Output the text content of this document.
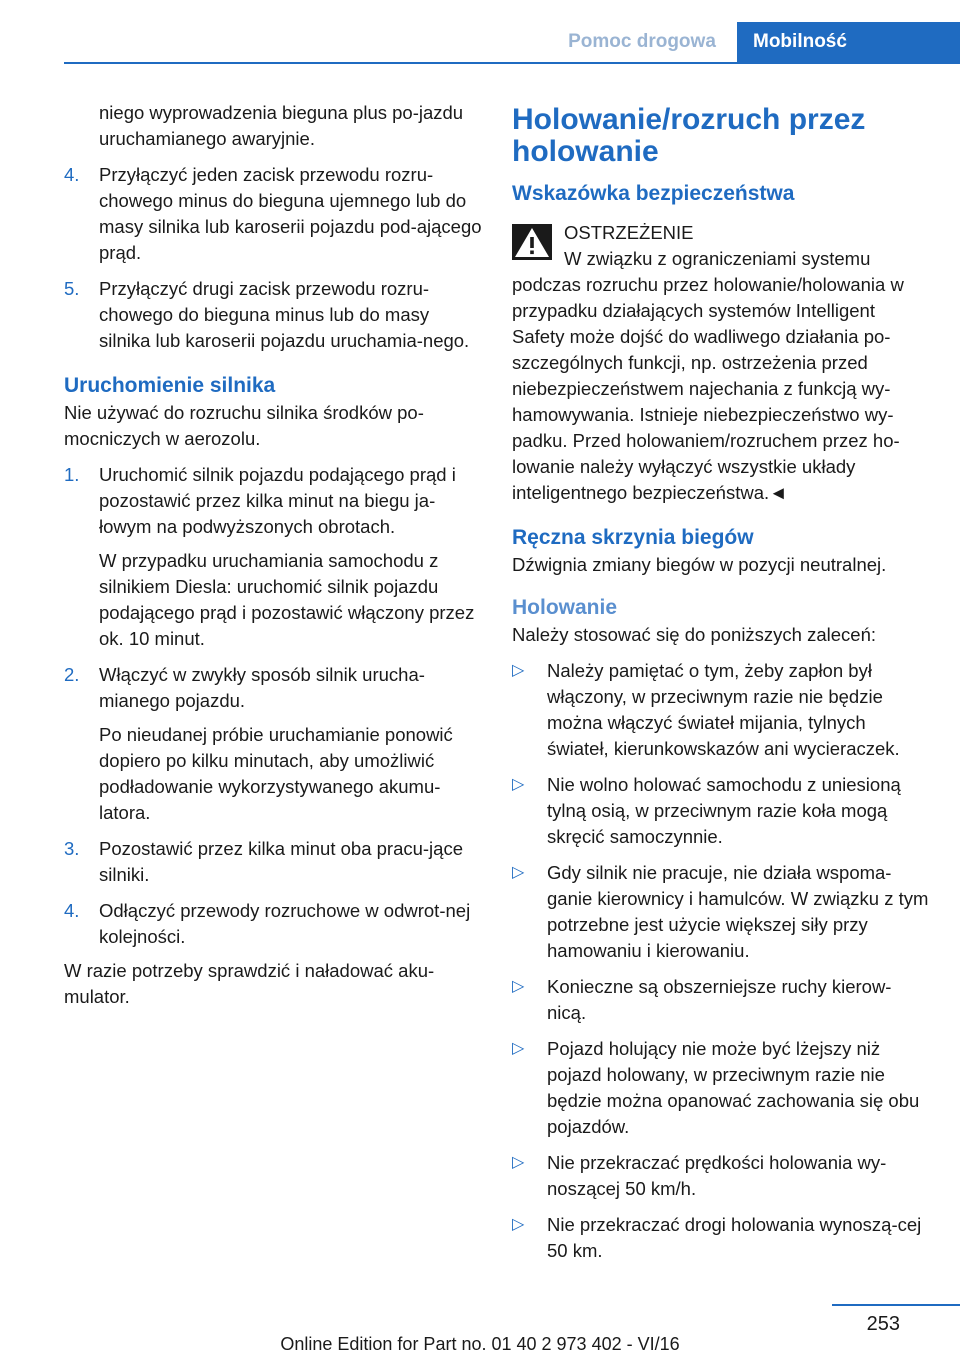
Pomoc drogowa	Mobilność

niego wyprowadzenia bieguna plus po‐jazdu uruchamianego awaryjnie.

4. Przyłączyć jeden zacisk przewodu rozru‐chowego minus do bieguna ujemnego lub do masy silnika lub karoserii pojazdu pod‐ającego prąd.

5. Przyłączyć drugi zacisk przewodu rozru‐chowego do bieguna minus lub do masy silnika lub karoserii pojazdu uruchamia‐nego.

Uruchomienie silnika

Nie używać do rozruchu silnika środków po‐mocniczych w aerozolu.

1. Uruchomić silnik pojazdu podającego prąd i pozostawić przez kilka minut na biegu ja‐łowym na podwyższonych obrotach.

W przypadku uruchamiania samochodu z silnikiem Diesla: uruchomić silnik pojazdu podającego prąd i pozostawić włączony przez ok. 10 minut.

2. Włączyć w zwykły sposób silnik urucha‐mianego pojazdu.

Po nieudanej próbie uruchamianie ponowić dopiero po kilku minutach, aby umożliwić podładowanie wykorzystywanego akumu‐latora.

3. Pozostawić przez kilka minut oba pracu‐jące silniki.

4. Odłączyć przewody rozruchowe w odwrot‐nej kolejności.

W razie potrzeby sprawdzić i naładować aku‐mulator.

Holowanie/rozruch przez holowanie

Wskazówka bezpieczeństwa

OSTRZEŻENIE

W związku z ograniczeniami systemu

podczas rozruchu przez holowanie/holowania w przypadku działających systemów Intelligent Safety może dojść do wadliwego działania po‐szczególnych funkcji, np. ostrzeżenia przed niebezpieczeństwem najechania z funkcją wy‐hamowywania. Istnieje niebezpieczeństwo wy‐padku. Przed holowaniem/rozruchem przez ho‐lowanie należy wyłączyć wszystkie układy inteligentnego bezpieczeństwa.◄

Ręczna skrzynia biegów

Dźwignia zmiany biegów w pozycji neutralnej.

Holowanie

Należy stosować się do poniższych zaleceń:

▷ Należy pamiętać o tym, żeby zapłon był włączony, w przeciwnym razie nie będzie można włączyć świateł mijania, tylnych świateł, kierunkowskazów ani wycieraczek.

▷ Nie wolno holować samochodu z uniesioną tylną osią, w przeciwnym razie koła mogą skręcić samoczynnie.

▷ Gdy silnik nie pracuje, nie działa wspoma‐ganie kierownicy i hamulców. W związku z tym potrzebne jest użycie większej siły przy hamowaniu i kierowaniu.

▷ Konieczne są obszerniejsze ruchy kierow‐nicą.

▷ Pojazd holujący nie może być lżejszy niż pojazd holowany, w przeciwnym razie nie będzie można opanować zachowania się obu pojazdów.

▷ Nie przekraczać prędkości holowania wy‐noszącej 50 km/h.

▷ Nie przekraczać drogi holowania wynoszą‐cej 50 km.

253
Online Edition for Part no. 01 40 2 973 402 - VI/16
